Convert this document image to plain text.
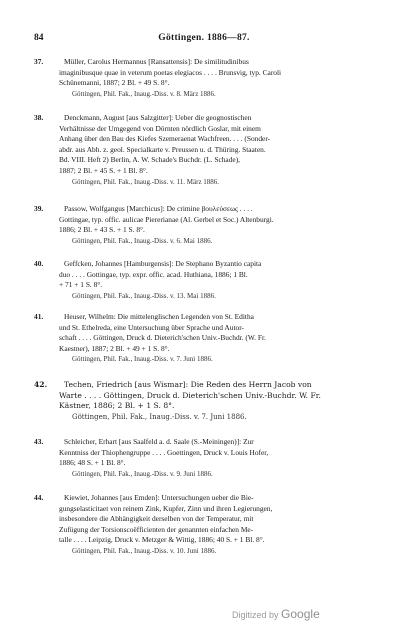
84	Göttingen. 1886—87.
37.	Müller, Carolus Hermannus [Ransattensis]: De similitudinibus
imaginibusque quae in veterum poetas elegiacos . . . . Brunsvig, typ. Caroli
Schünemanni, 1887; 2 Bl. + 49 S. 8°.
Göttingen, Phil. Fak., Inaug.-Diss. v. 8. März 1886.
38.	Denckmann, August [aus Salzgitter]: Ueber die geognostischen
Verhältnisse der Umgegend von Dörnten nördlich Goslar, mit einem
Anhang über den Bau des Kiefes Szemeraenat Wachfreen. . . . (Sonder-
abdr. aus Abh. z. geol. Specialkarte v. Preussen u. d. Thüring. Staaten.
Bd. VIII. Heft 2) Berlin, A. W. Schade's Buchdr. (L. Schade),
1887; 2 Bl. + 45 S. + 1 Bl. 8°.
Göttingen, Phil. Fak., Inaug.-Diss. v. 11. März 1886.
39.	Passow, Wolfgangus [Marchicus]: De crimine βουλεύσεως . . . .
Gottingae, typ. offic. aulicae Piererianae (Al. Gerbel et Soc.) Altenburgi.
1886; 2 Bl. + 43 S. + 1 S. 8°.
Göttingen, Phil. Fak., Inaug.-Diss. v. 6. Mai 1886.
40.	Geffcken, Johannes [Hamburgensis]: De Stephano Byzantio capita
duo . . . . Gottingae, typ. expr. offic. acad. Huthiana, 1886; 1 Bl.
+ 71 + 1 S. 8°.
Göttingen, Phil. Fak., Inaug.-Diss. v. 13. Mai 1886.
41.	Heuser, Wilhelm: Die mittelenglischen Legenden von St. Editha
und St. Ethelreda, eine Untersuchung über Sprache und Autor-
schaft . . . . Göttingen, Druck d. Dieterich'schen Univ.-Buchdr. (W. Fr.
Kaestner), 1887; 2 Bl. + 49 + 1 S. 8°.
Göttingen, Phil. Fak., Inaug.-Diss. v. 7. Juni 1886.
42. Techen, Friedrich [aus Wismar]: Die Reden des Herrn Jacob von
Warte . . . . Göttingen, Druck d. Dieterich'schen Univ.-Buchdr. W. Fr.
Kästner, 1886; 2 Bl. + 1 S. 8°.
Göttingen, Phil. Fak., Inaug.-Diss. v. 7. Juni 1886.
43.	Schleicher, Erhart [aus Saalfeld a. d. Saale (S.-Meiningen)]: Zur
Kenntniss der Thiophengruppe . . . . Goettingen, Druck v. Louis Hofer,
1886; 48 S. + 1 Bl. 8°.
Göttingen, Phil. Fak., Inaug.-Diss. v. 9. Juni 1886.
44.	Kiewiet, Johannes [aus Emden]: Untersuchungen ueber die Bie-
gungselasticitaet von reinem Zink, Kupfer, Zinn und ihren Legierungen,
insbesondere die Abhängigkeit derselben von der Temperatur, mit
Zufügung der Torsionscoëfficienten der genannten einfachen Me-
talle . . . . Leipzig, Druck v. Metzger & Wittig, 1886; 40 S. + 1 Bl. 8°.
Göttingen, Phil. Fak., Inaug.-Diss. v. 10. Juni 1886.
Digitized by Google
